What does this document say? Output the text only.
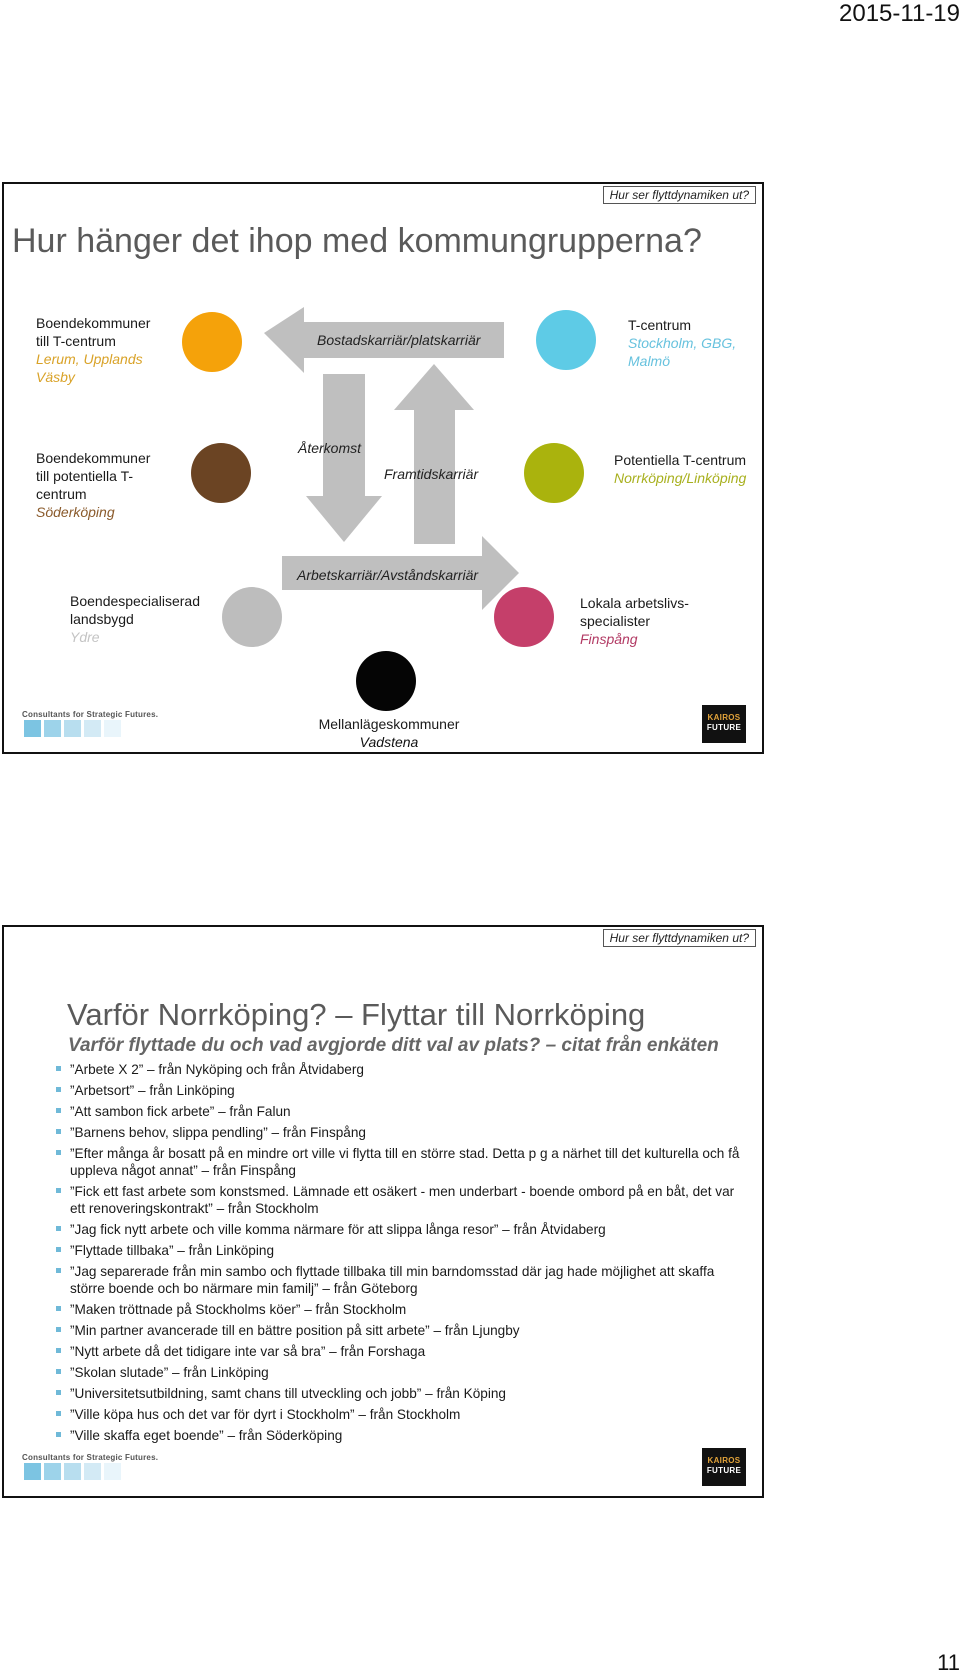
2015-11-19
Hur ser flyttdynamiken ut?
Hur hänger det ihop med kommungrupperna?
Boendekommuner till T-centrum
Lerum, Upplands Väsby
T-centrum
Stockholm, GBG, Malmö
Boendekommuner till potentiella T-centrum
Söderköping
Potentiella T-centrum
Norrköping/Linköping
Boendespecialiserad landsbygd
Ydre
Lokala arbetslivs-specialister
Finspång
Mellanlägeskommuner
Vadstena
Bostadskarriär/platskarriär
Återkomst
Framtidskarriär
Arbetskarriär/Avståndskarriär
Consultants for Strategic Futures.	KAIROS
FUTURE
Hur ser flyttdynamiken ut?
Varför Norrköping? – Flyttar till Norrköping
Varför flyttade du och vad avgjorde ditt val av plats? – citat från enkäten
”Arbete X 2” – från Nyköping och från Åtvidaberg
”Arbetsort” – från Linköping
”Att sambon fick arbete” – från Falun
”Barnens behov, slippa pendling” – från Finspång
”Efter många år bosatt på en mindre ort ville vi flytta till en större stad. Detta p g a närhet till det kulturella och få uppleva något annat” – från Finspång
”Fick ett fast arbete som konstsmed. Lämnade ett osäkert - men underbart - boende ombord på en båt, det var ett renoveringskontrakt” – från Stockholm
”Jag fick nytt arbete och ville komma närmare för att slippa långa resor” – från Åtvidaberg
”Flyttade tillbaka” – från Linköping
”Jag separerade från min sambo och flyttade tillbaka till min barndomsstad där jag hade möjlighet att skaffa större boende och bo närmare min familj” – från Göteborg
”Maken tröttnade på Stockholms köer” – från Stockholm
”Min partner avancerade till en bättre position på sitt arbete” – från Ljungby
”Nytt arbete då det tidigare inte var så bra” – från Forshaga
”Skolan slutade” – från Linköping
”Universitetsutbildning, samt chans till utveckling och jobb” – från Köping
”Ville köpa hus och det var för dyrt i Stockholm” – från Stockholm
”Ville skaffa eget boende” – från Söderköping
Consultants for Strategic Futures.	KAIROS
FUTURE
11
